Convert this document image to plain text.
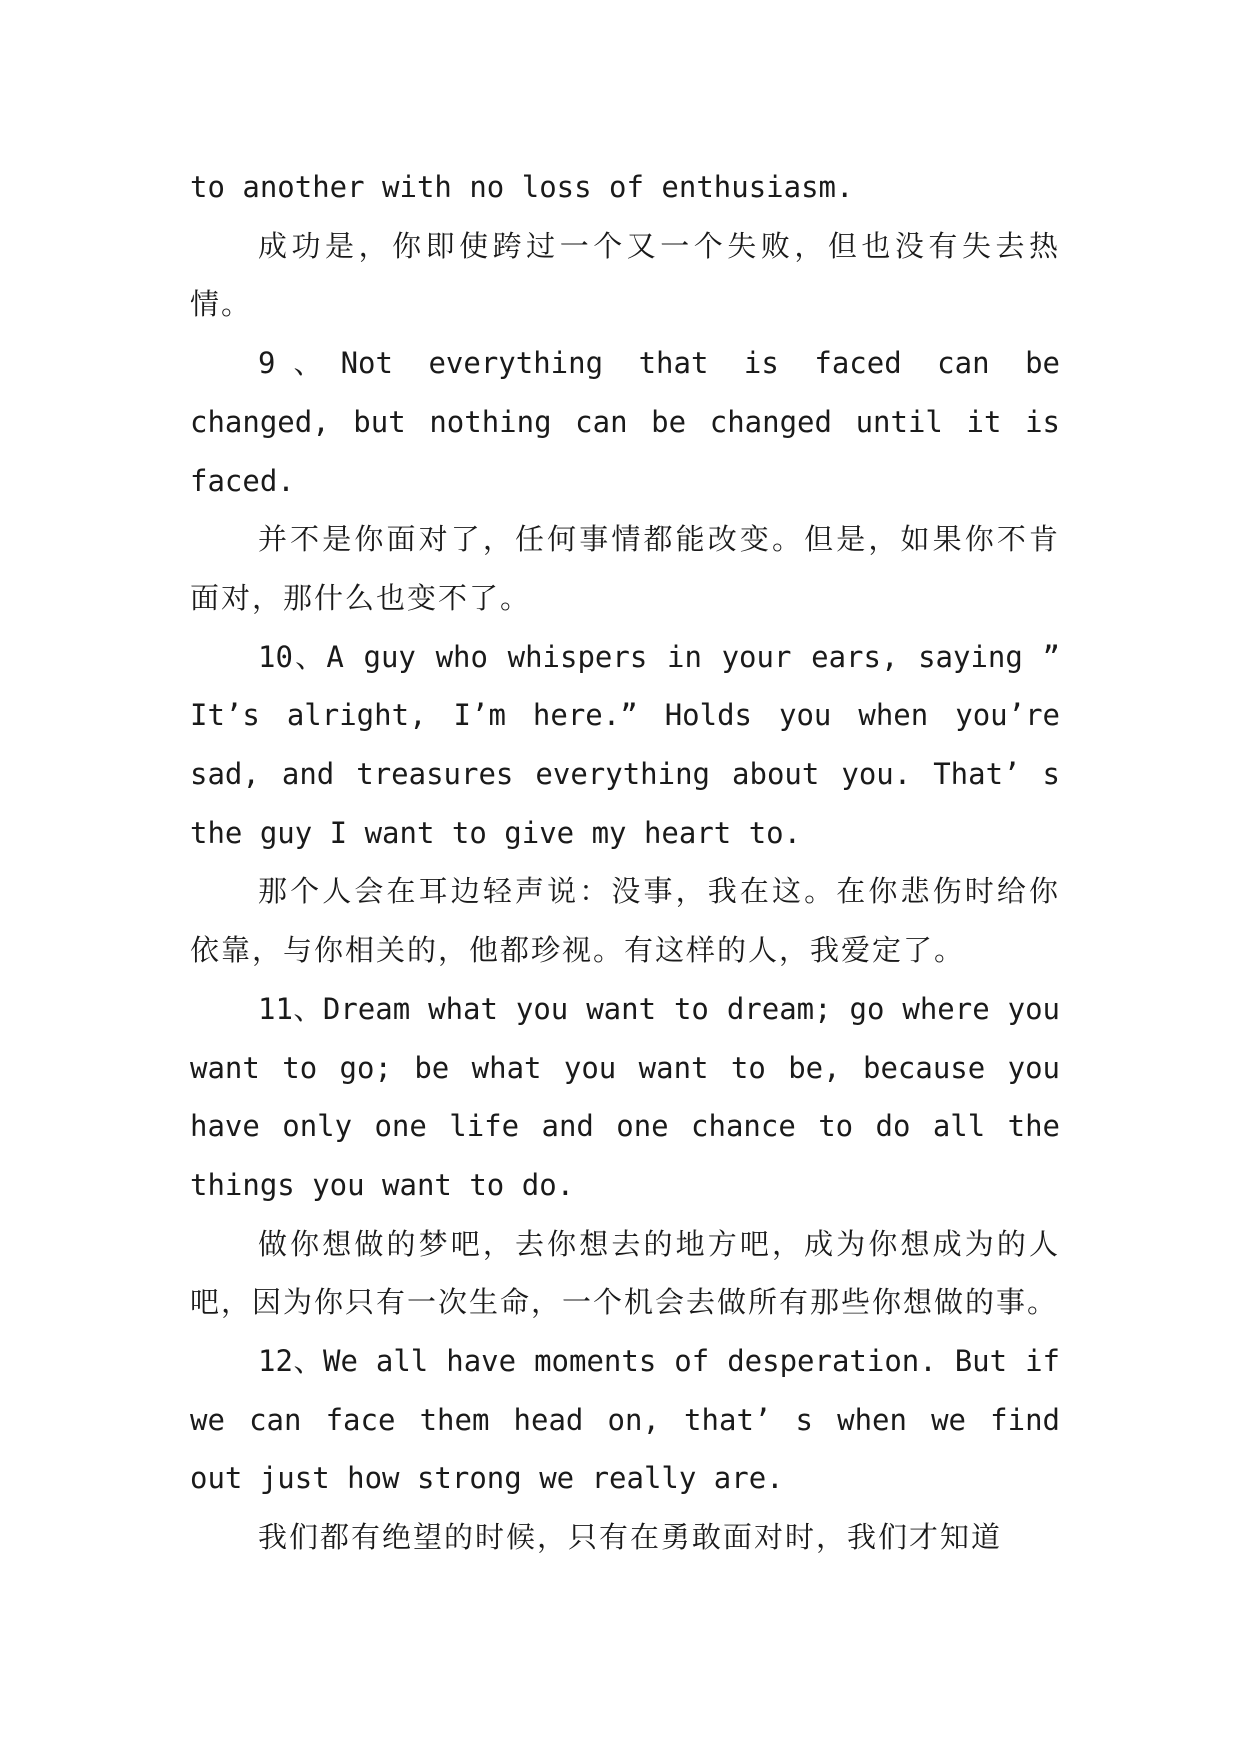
to another with no loss of enthusiasm.

成功是，你即使跨过一个又一个失败，但也没有失去热情。

9、Not everything that is faced can be changed, but nothing can be changed until it is faced.

并不是你面对了，任何事情都能改变。但是，如果你不肯面对，那什么也变不了。

10、A guy who whispers in your ears, saying ” It’s alright, I’m here.” Holds you when you’re sad, and treasures everything about you. That’ s the guy I want to give my heart to.

那个人会在耳边轻声说：没事，我在这。在你悲伤时给你依靠，与你相关的，他都珍视。有这样的人，我爱定了。

11、Dream what you want to dream; go where you want to go; be what you want to be, because you have only one life and one chance to do all the things you want to do.

做你想做的梦吧，去你想去的地方吧，成为你想成为的人吧，因为你只有一次生命，一个机会去做所有那些你想做的事。

12、We all have moments of desperation. But if we can face them head on, that’ s when we find out just how strong we really are.

我们都有绝望的时候，只有在勇敢面对时，我们才知道
